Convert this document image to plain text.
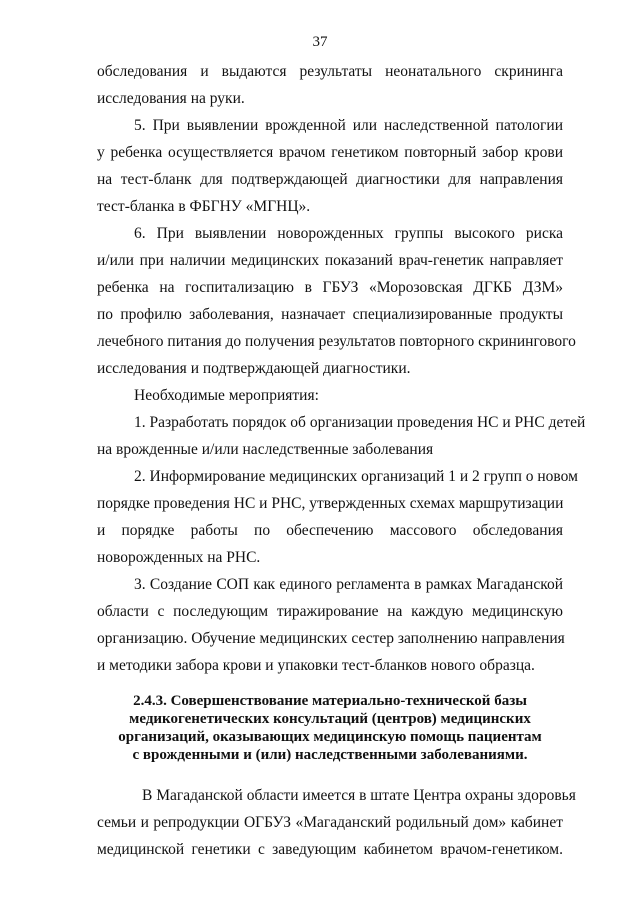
37
обследования и выдаются результаты неонатального скрининга
исследования на руки.
5. При выявлении врожденной или наследственной патологии
у ребенка осуществляется врачом генетиком повторный забор крови
на тест-бланк для подтверждающей диагностики для направления
тест-бланка в ФБГНУ «МГНЦ».
6. При выявлении новорожденных группы высокого риска
и/или при наличии медицинских показаний врач-генетик направляет
ребенка на госпитализацию в ГБУЗ «Морозовская ДГКБ ДЗМ»
по профилю заболевания, назначает специализированные продукты
лечебного питания до получения результатов повторного скринингового
исследования и подтверждающей диагностики.
Необходимые мероприятия:
1. Разработать порядок об организации проведения НС и РНС детей
на врожденные и/или наследственные заболевания
2. Информирование медицинских организаций 1 и 2 групп о новом
порядке проведения НС и РНС, утвержденных схемах маршрутизации
и порядке работы по обеспечению массового обследования
новорожденных на РНС.
3. Создание СОП как единого регламента в рамках Магаданской
области с последующим тиражирование на каждую медицинскую
организацию. Обучение медицинских сестер заполнению направления
и методики забора крови и упаковки тест-бланков нового образца.
2.4.3. Совершенствование материально-технической базы
медикогенетических консультаций (центров) медицинских
организаций, оказывающих медицинскую помощь пациентам
с врожденными и (или) наследственными заболеваниями.
В Магаданской области имеется в штате Центра охраны здоровья
семьи и репродукции ОГБУЗ «Магаданский родильный дом» кабинет
медицинской генетики с заведующим кабинетом врачом-генетиком.
